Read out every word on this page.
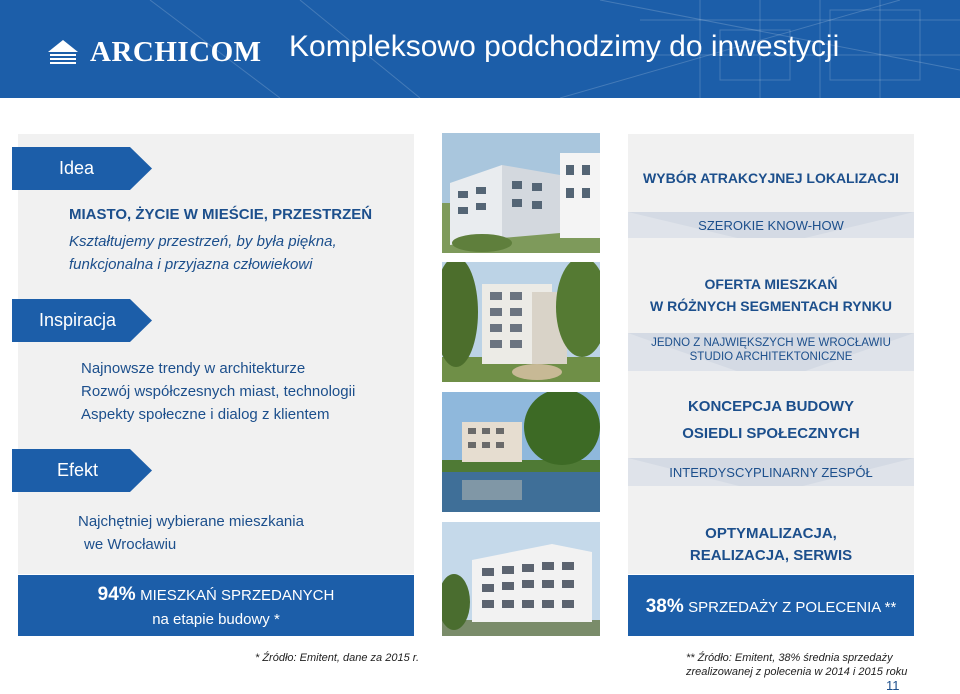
ARCHICOM Kompleksowo podchodzimy do inwestycji
Idea
MIASTO, ŻYCIE W MIEŚCIE, PRZESTRZEŃ
Kształtujemy przestrzeń, by była piękna,
funkcjonalna i przyjazna człowiekowi
Inspiracja
Najnowsze trendy w architekturze
Rozwój współczesnych miast, technologii
Aspekty społeczne i dialog z klientem
Efekt
Najchętniej wybierane mieszkania
we Wrocławiu
94% MIESZKAŃ SPRZEDANYCH
na etapie budowy *
WYBÓR ATRAKCYJNEJ LOKALIZACJI
SZEROKIE KNOW-HOW
OFERTA MIESZKAŃ
W RÓŻNYCH SEGMENTACH RYNKU
JEDNO Z NAJWIĘKSZYCH WE WROCŁAWIU
STUDIO ARCHITEKTONICZNE
KONCEPCJA BUDOWY
OSIEDLI SPOŁECZNYCH
INTERDYSCYPLINARNY ZESPÓŁ
OPTYMALIZACJA,
REALIZACJA, SERWIS
38% SPRZEDAŻY Z POLECENIA **
* Źródło: Emitent, dane za 2015 r.	** Źródło: Emitent, 38% średnia sprzedaży
zrealizowanej z polecenia w 2014 i 2015 roku
11
